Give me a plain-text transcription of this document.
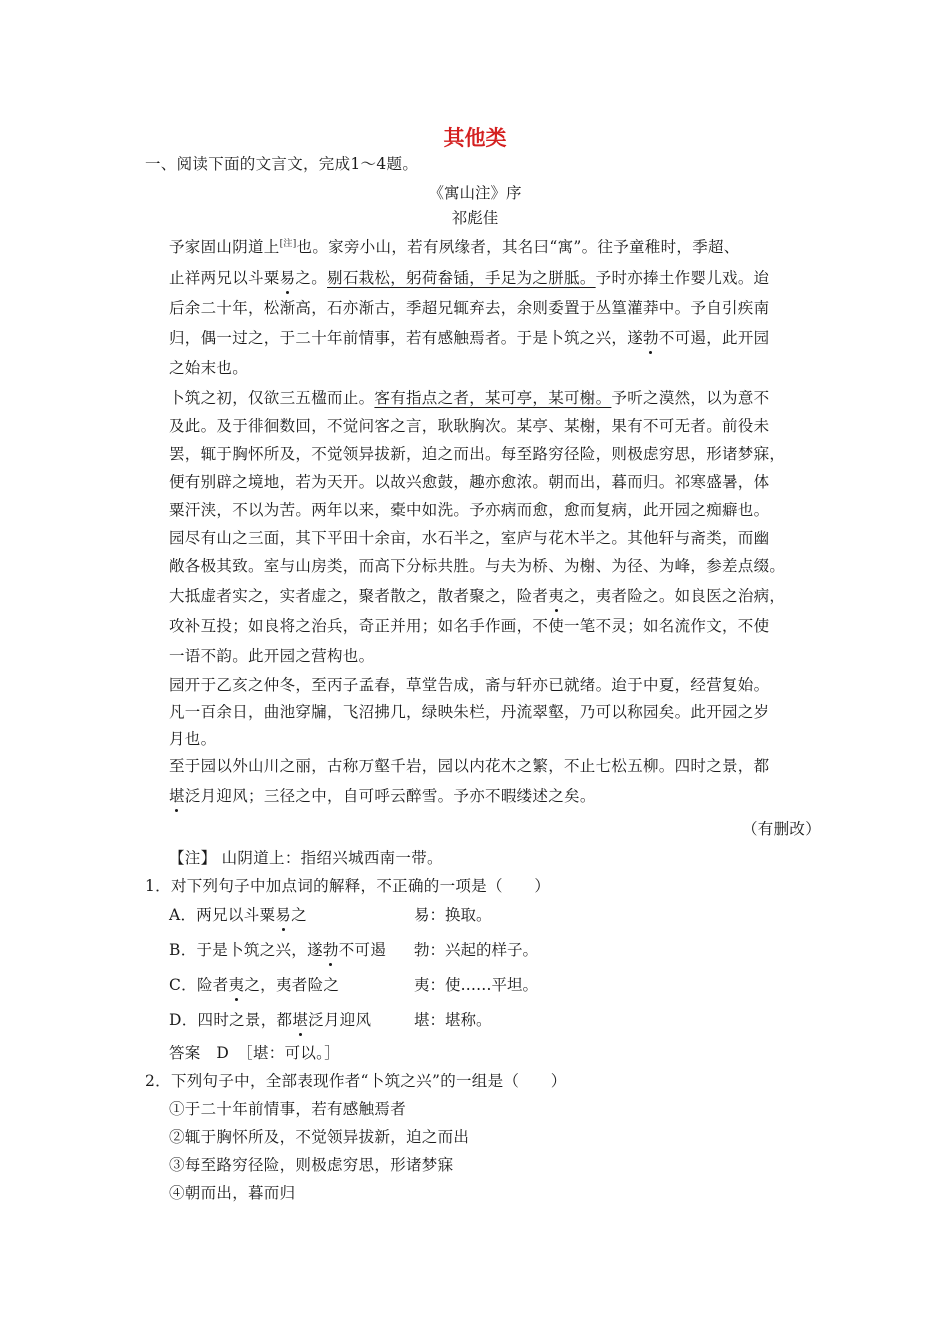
其他类
一、阅读下面的文言文，完成1～4题。
《寓山注》序
祁彪佳
予家固山阴道上[注]也。家旁小山，若有夙缘者，其名曰“寓”。往予童稚时，季超、
止祥两兄以斗粟易之。剔石栽松，躬荷畚锸，手足为之胼胝。予时亦捧土作婴儿戏。迨
后余二十年，松渐高，石亦渐古，季超兄辄弃去，余则委置于丛篁灌莽中。予自引疾南
归，偶一过之，于二十年前情事，若有感触焉者。于是卜筑之兴，遂勃不可遏，此开园
之始末也。
卜筑之初，仅欲三五楹而止。客有指点之者，某可亭，某可榭。予听之漠然，以为意不
及此。及于徘徊数回，不觉问客之言，耿耿胸次。某亭、某榭，果有不可无者。前役未
罢，辄于胸怀所及，不觉领异拔新，迫之而出。每至路穷径险，则极虑穷思，形诸梦寐，
便有别辟之境地，若为天开。以故兴愈鼓，趣亦愈浓。朝而出，暮而归。祁寒盛暑，体
粟汗浃，不以为苦。两年以来，橐中如洗。予亦病而愈，愈而复病，此开园之痴癖也。
园尽有山之三面，其下平田十余亩，水石半之，室庐与花木半之。其他轩与斋类，而幽
敞各极其致。室与山房类，而高下分标共胜。与夫为桥、为榭、为径、为峰，参差点缀。
大抵虚者实之，实者虚之，聚者散之，散者聚之，险者夷之，夷者险之。如良医之治病，
攻补互投；如良将之治兵，奇正并用；如名手作画，不使一笔不灵；如名流作文，不使
一语不韵。此开园之营构也。
园开于乙亥之仲冬，至丙子孟春，草堂告成，斋与轩亦已就绪。迨于中夏，经营复始。
凡一百余日，曲池穿牖，飞沼拂几，绿映朱栏，丹流翠壑，乃可以称园矣。此开园之岁
月也。
至于园以外山川之丽，古称万壑千岩，园以内花木之繁，不止七松五柳。四时之景，都
堪泛月迎风；三径之中，自可呼云醉雪。予亦不暇缕述之矣。
（有删改）
【注】 山阴道上：指绍兴城西南一带。
1．对下列句子中加点词的解释，不正确的一项是（　　）
A．两兄以斗粟易之	易：换取。
B．于是卜筑之兴，遂勃不可遏 勃：兴起的样子。
C．险者夷之，夷者险之	夷：使……平坦。
D．四时之景，都堪泛月迎风	堪：堪称。
答案　D　［堪：可以。］
2．下列句子中，全部表现作者“卜筑之兴”的一组是（　　）
①于二十年前情事，若有感触焉者
②辄于胸怀所及，不觉领异拔新，迫之而出
③每至路穷径险，则极虑穷思，形诸梦寐
④朝而出，暮而归
